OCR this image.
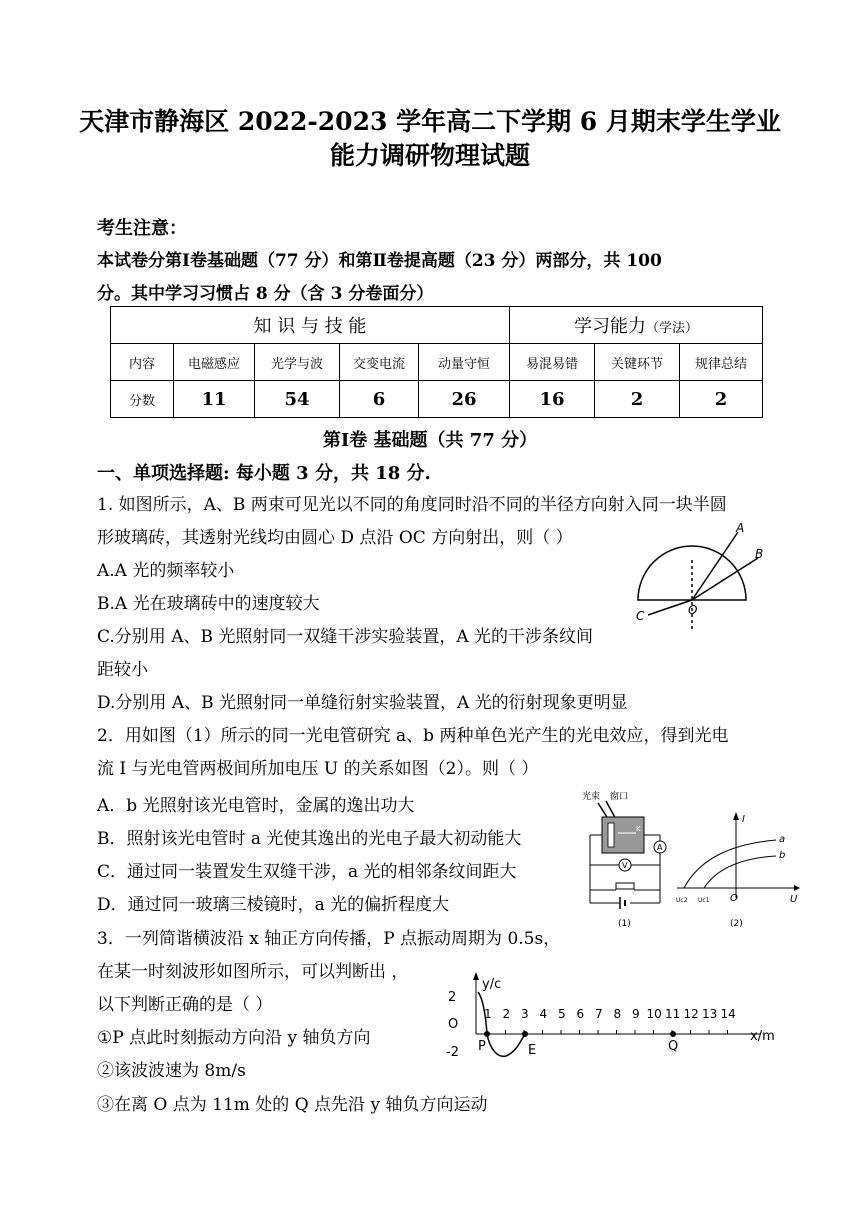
天津市静海区 2022-2023 学年高二下学期 6 月期末学生学业
能力调研物理试题
考生注意：
本试卷分第Ⅰ卷基础题（77 分）和第Ⅱ卷提高题（23 分）两部分，共 100
分。其中学习习惯占 8 分（含 3 分卷面分）
知 识 与 技 能					学习能力（学法）		
内容	电磁感应	光学与波	交变电流	动量守恒	易混易错	关键环节	规律总结
分数	11	54	6	26	16	2	2
第Ⅰ卷 基础题（共 77 分）
一、单项选择题: 每小题 3 分，共 18 分.
1. 如图所示，A、B 两束可见光以不同的角度同时沿不同的半径方向射入同一块半圆
形玻璃砖，其透射光线均由圆心 D 点沿 OC 方向射出，则（ ）
A.A 光的频率较小
B.A 光在玻璃砖中的速度较大
C.分别用 A、B 光照射同一双缝干涉实验装置，A 光的干涉条纹间
距较小
D.分别用 A、B 光照射同一单缝衍射实验装置，A 光的衍射现象更明显
A
B
C	O
2．用如图（1）所示的同一光电管研究 a、b 两种单色光产生的光电效应，得到光电
流 I 与光电管两极间所加电压 U 的关系如图（2）。则（ ）
A．b 光照射该光电管时，金属的逸出功大
B．照射该光电管时 a 光使其逸出的光电子最大初动能大
C．通过同一装置发生双缝干涉，a 光的相邻条纹间距大
D．通过同一玻璃三棱镜时，a 光的偏折程度大
光束 窗口
K
A
V
(1)
I
U
O
a
b
Uc2 Uc1
(2)
3．一列简谐横波沿 x 轴正方向传播，P 点振动周期为 0.5s，
在某一时刻波形如图所示，可以判断出 ，
以下判断正确的是（ ）
①P 点此时刻振动方向沿 y 轴负方向
②该波波速为 8m/s
③在离 O 点为 11m 处的 Q 点先沿 y 轴负方向运动
y/c
x/m
2
O
-2
1 2 3 4 5 6 7 8 9 10 11 12 13 14
P	E	Q
